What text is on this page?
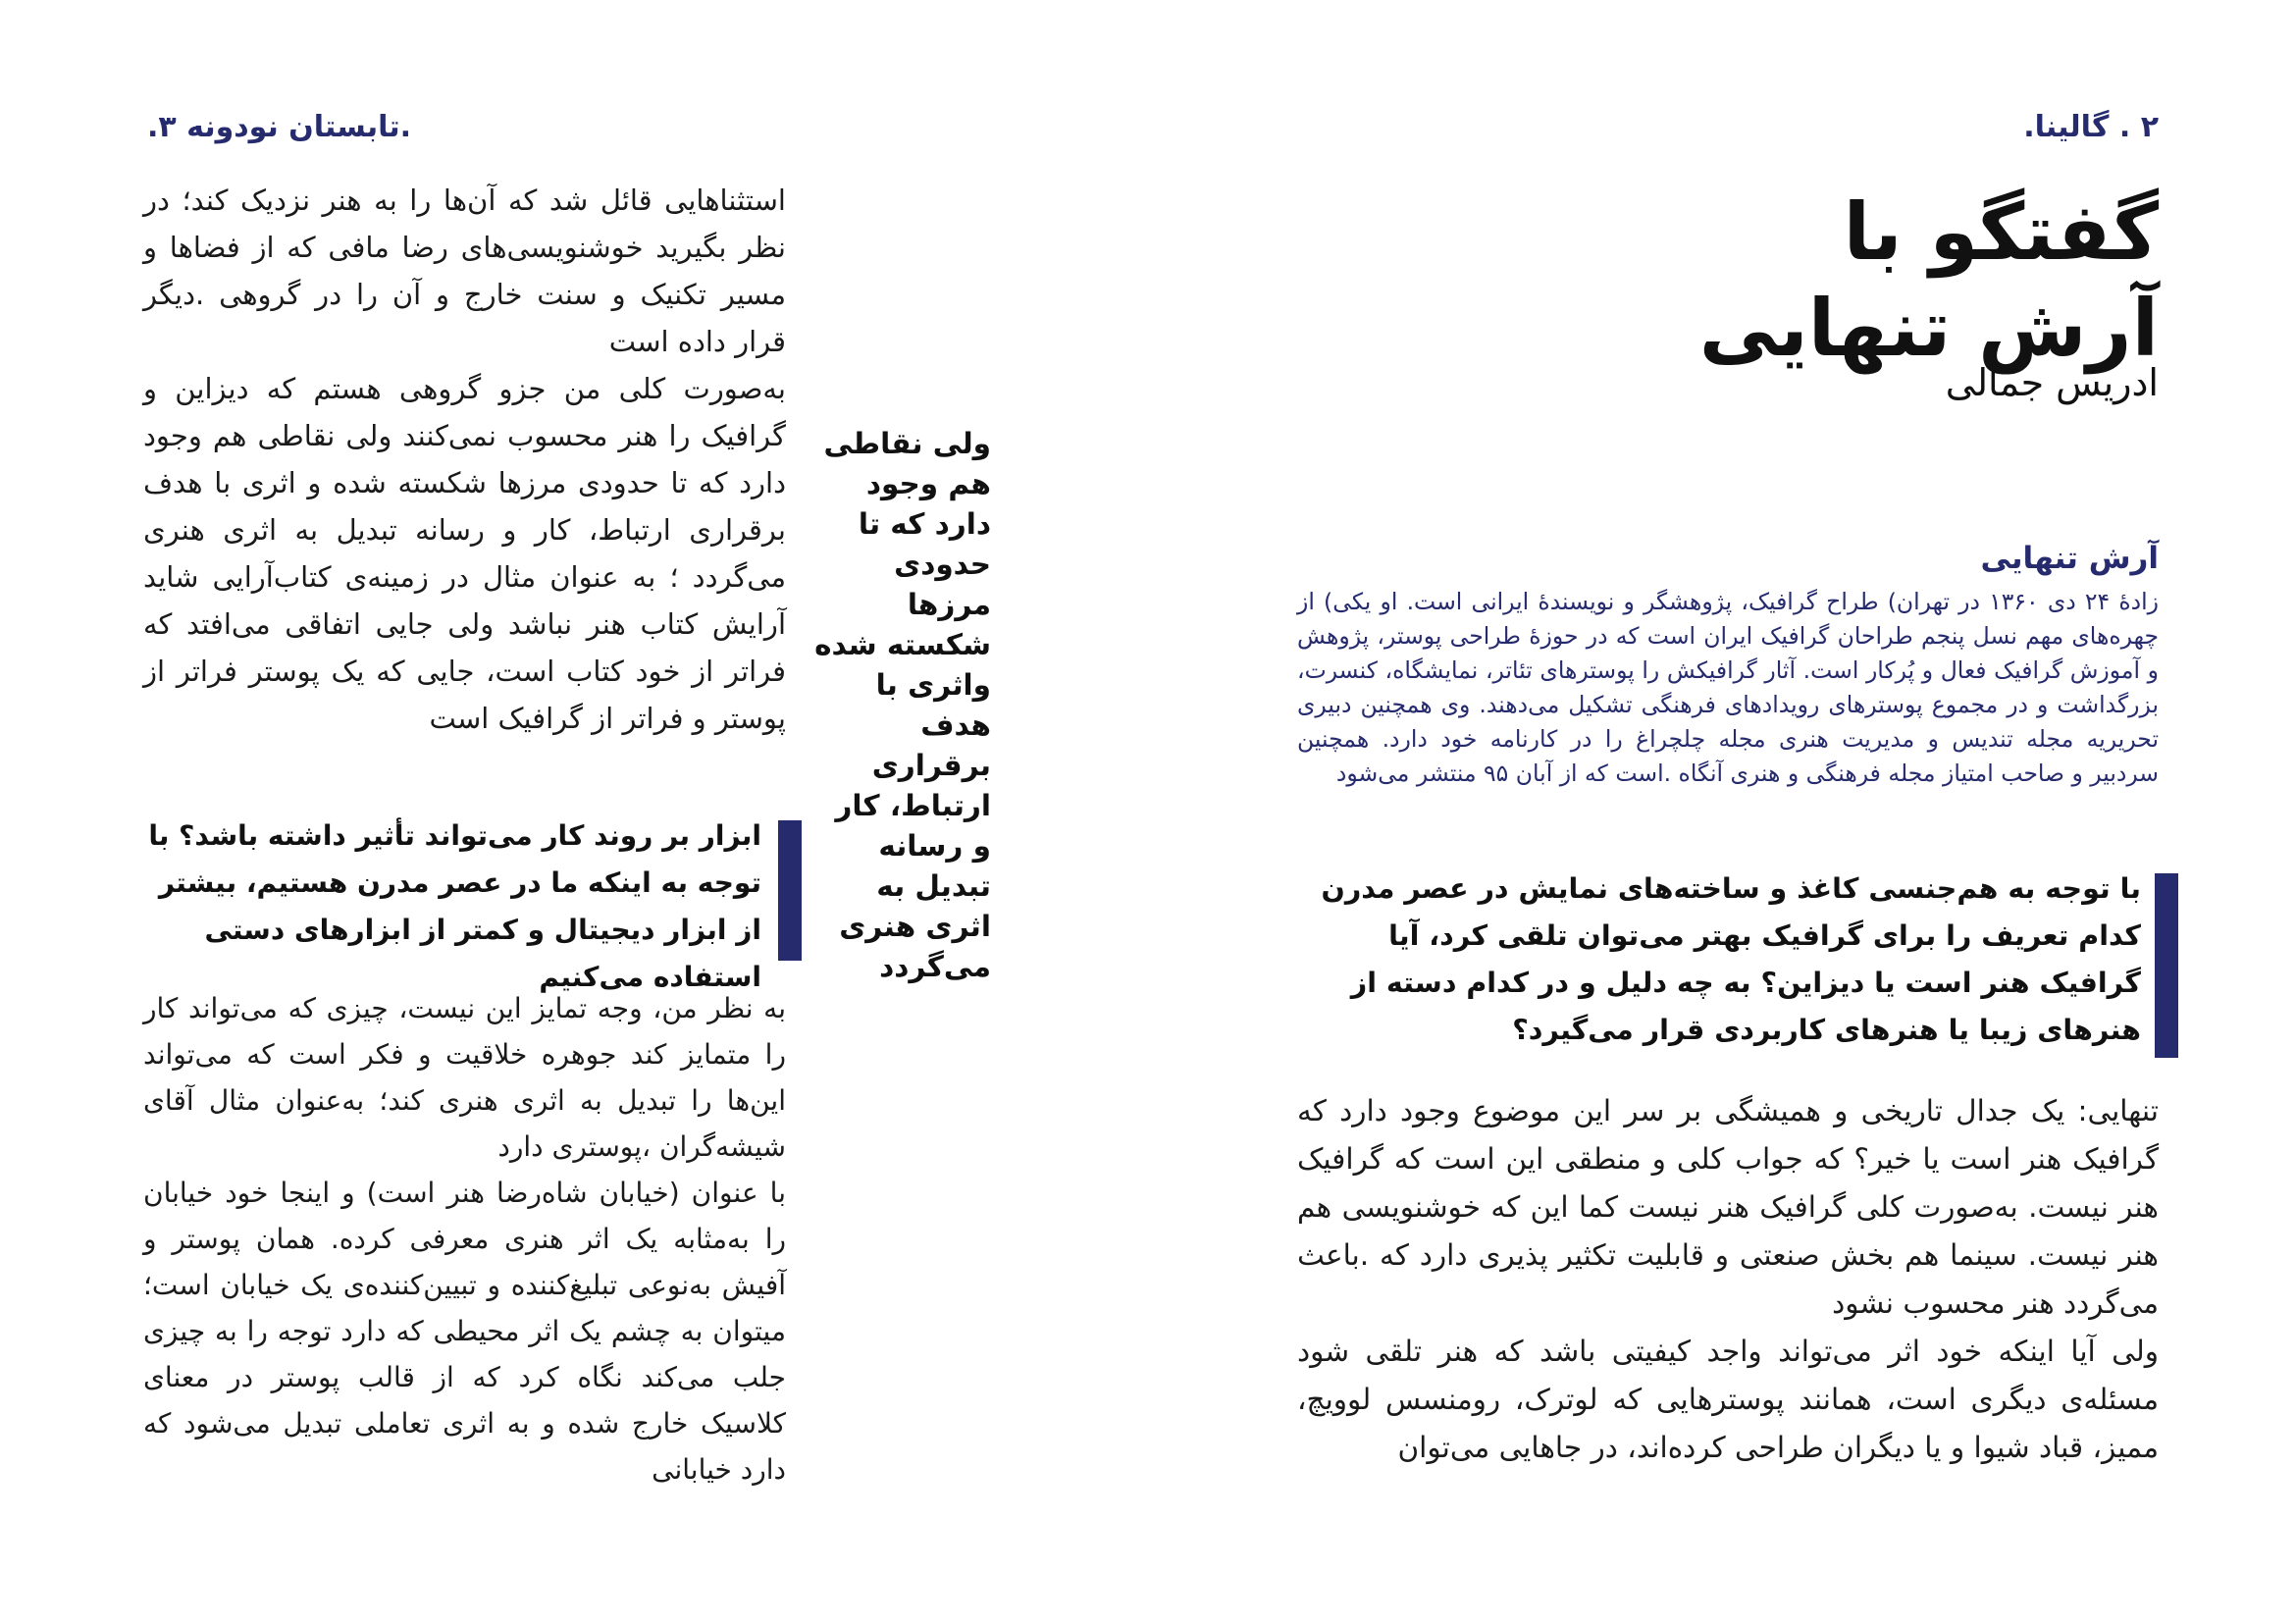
.تابستان نودونه ۳.	۲ . گالینا.
گفتگو با
آرش تنهایی
ادریس جمالی
آرش تنهایی
زادهٔ ۲۴ دی ۱۳۶۰ در تهران) طراح گرافیک، پژوهشگر و نویسندهٔ ایرانی است. او یکی) از چهره‌های مهم نسل پنجم طراحان گرافیک ایران است که در حوزهٔ طراحی پوستر، پژوهش و آموزش گرافیک فعال و پُرکار است. آثار گرافیکش را پوسترهای تئاتر، نمایشگاه، کنسرت، بزرگداشت و در مجموع پوسترهای رویدادهای فرهنگی تشکیل می‌دهند. وی همچنین دبیری تحریریه مجله تندیس و مدیریت هنری مجله چلچراغ را در کارنامه خود دارد. همچنین سردبیر و صاحب امتیاز مجله فرهنگی و هنری آنگاه .است که از آبان ۹۵ منتشر می‌شود
با توجه به هم‌جنسی کاغذ و ساخته‌های نمایش در عصر مدرن کدام تعریف را برای گرافیک بهتر می‌توان تلقی کرد، آیا گرافیک هنر است یا دیزاین؟ به چه دلیل و در کدام دسته از هنرهای زیبا یا هنرهای کاربردی قرار می‌گیرد؟

تنهایی: یک جدال تاریخی و همیشگی بر سر این موضوع وجود دارد که گرافیک هنر است یا خیر؟ که جواب کلی و منطقی این است که گرافیک هنر نیست. به‌صورت کلی گرافیک هنر نیست کما این که خوشنویسی هم هنر نیست. سینما هم بخش صنعتی و قابلیت تکثیر پذیری دارد که .باعث می‌گردد هنر محسوب نشود

ولی آیا اینکه خود اثر می‌تواند واجد کیفیتی باشد که هنر تلقی شود مسئله‌ی دیگری است، همانند پوسترهایی که لوترک، رومنسس لوویچ، ممیز، قباد شیوا و یا دیگران طراحی کرده‌اند، در جاهایی می‌توان

استثناهایی قائل شد که آن‌ها را به هنر نزدیک کند؛ در نظر بگیرید خوشنویسی‌های رضا مافی که از فضاها و مسیر تکنیک و سنت خارج و آن را در گروهی .دیگر قرار داده است

به‌صورت کلی من جزو گروهی هستم که دیزاین و گرافیک را هنر محسوب نمی‌کنند ولی نقاطی هم وجود دارد که تا حدودی مرزها شکسته شده و اثری با هدف برقراری ارتباط، کار و رسانه تبدیل به اثری هنری می‌گردد ؛ به عنوان مثال در زمینه‌ی کتاب‌آرایی شاید آرایش کتاب هنر نباشد ولی جایی اتفاقی می‌افتد که فراتر از خود کتاب است، جایی که یک پوستر فراتر از پوستر و فراتر از گرافیک است

ولی نقاطی هم وجود دارد که تا حدودی مرزها شکسته شده واثری با هدف برقراری ارتباط، کار و رسانه تبدیل به اثری هنری می‌گردد
ابزار بر روند کار می‌تواند تأثیر داشته باشد؟ با توجه به اینکه ما در عصر مدرن هستیم، بیشتر از ابزار دیجیتال و کمتر از ابزارهای دستی استفاده می‌کنیم

به نظر من، وجه تمایز این نیست، چیزی که می‌تواند کار را متمایز کند جوهره خلاقیت و فکر است که می‌تواند این‌ها را تبدیل به اثری هنری کند؛ به‌عنوان مثال آقای شیشه‌گران ،پوستری دارد

با عنوان (خیابان شاه‌رضا هنر است) و اینجا خود خیابان را به‌مثابه یک اثر هنری معرفی کرده. همان پوستر و آفیش به‌نوعی تبلیغ‌کننده و تبیین‌کننده‌ی یک خیابان است؛ میتوان به چشم یک اثر محیطی که دارد توجه را به چیزی جلب می‌کند نگاه کرد که از قالب پوستر در معنای کلاسیک خارج شده و به اثری تعاملی تبدیل می‌شود که دارد خیابانی
